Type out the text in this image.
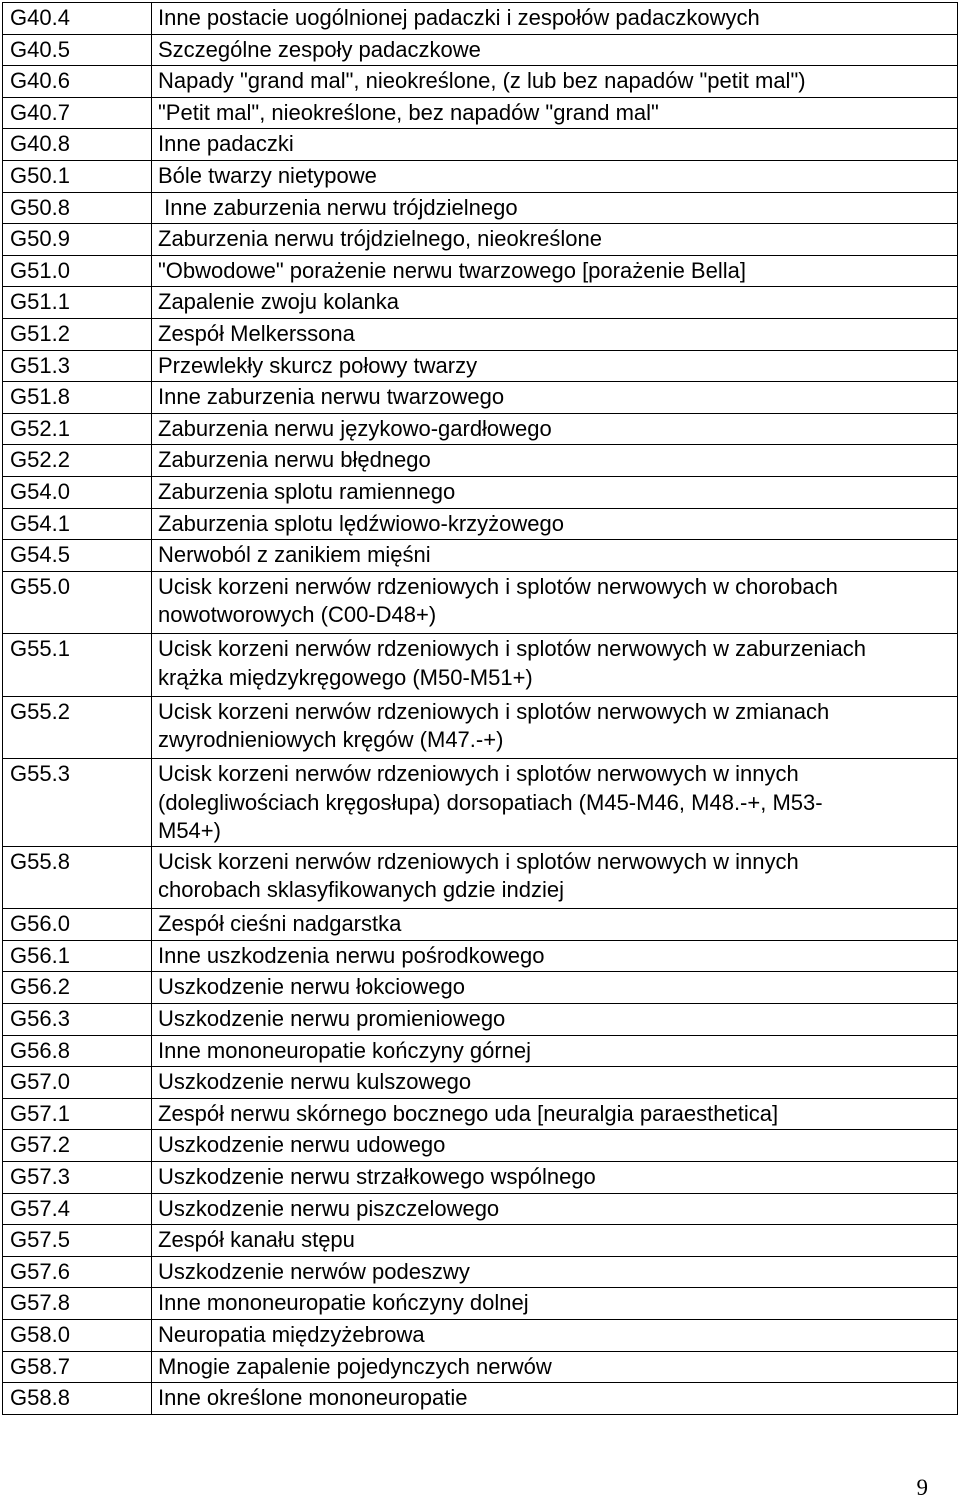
G40.4	Inne postacie uogólnionej padaczki i zespołów padaczkowych
G40.5	Szczególne zespoły padaczkowe
G40.6	Napady "grand mal", nieokreślone, (z lub bez napadów "petit mal")
G40.7	"Petit mal", nieokreślone, bez napadów "grand mal"
G40.8	Inne padaczki
G50.1	Bóle twarzy nietypowe
G50.8	Inne zaburzenia nerwu trójdzielnego
G50.9	Zaburzenia nerwu trójdzielnego, nieokreślone
G51.0	"Obwodowe" porażenie nerwu twarzowego [porażenie Bella]
G51.1	Zapalenie zwoju kolanka
G51.2	Zespół Melkerssona
G51.3	Przewlekły skurcz połowy twarzy
G51.8	Inne zaburzenia nerwu twarzowego
G52.1	Zaburzenia nerwu językowo-gardłowego
G52.2	Zaburzenia nerwu błędnego
G54.0	Zaburzenia splotu ramiennego
G54.1	Zaburzenia splotu lędźwiowo-krzyżowego
G54.5	Nerwoból z zanikiem mięśni
G55.0	Ucisk korzeni nerwów rdzeniowych i splotów nerwowych w chorobach
nowotworowych (C00-D48+)
G55.1	Ucisk korzeni nerwów rdzeniowych i splotów nerwowych w zaburzeniach
krążka międzykręgowego (M50-M51+)
G55.2	Ucisk korzeni nerwów rdzeniowych i splotów nerwowych w zmianach
zwyrodnieniowych kręgów (M47.-+)
G55.3	Ucisk korzeni nerwów rdzeniowych i splotów nerwowych w innych
(dolegliwościach kręgosłupa) dorsopatiach (M45-M46, M48.-+, M53-
M54+)
G55.8	Ucisk korzeni nerwów rdzeniowych i splotów nerwowych w innych
chorobach sklasyfikowanych gdzie indziej
G56.0	Zespół cieśni nadgarstka
G56.1	Inne uszkodzenia nerwu pośrodkowego
G56.2	Uszkodzenie nerwu łokciowego
G56.3	Uszkodzenie nerwu promieniowego
G56.8	Inne mononeuropatie kończyny górnej
G57.0	Uszkodzenie nerwu kulszowego
G57.1	Zespół nerwu skórnego bocznego uda [neuralgia paraesthetica]
G57.2	Uszkodzenie nerwu udowego
G57.3	Uszkodzenie nerwu strzałkowego wspólnego
G57.4	Uszkodzenie nerwu piszczelowego
G57.5	Zespół kanału stępu
G57.6	Uszkodzenie nerwów podeszwy
G57.8	Inne mononeuropatie kończyny dolnej
G58.0	Neuropatia międzyżebrowa
G58.7	Mnogie zapalenie pojedynczych nerwów
G58.8	Inne określone mononeuropatie
9
